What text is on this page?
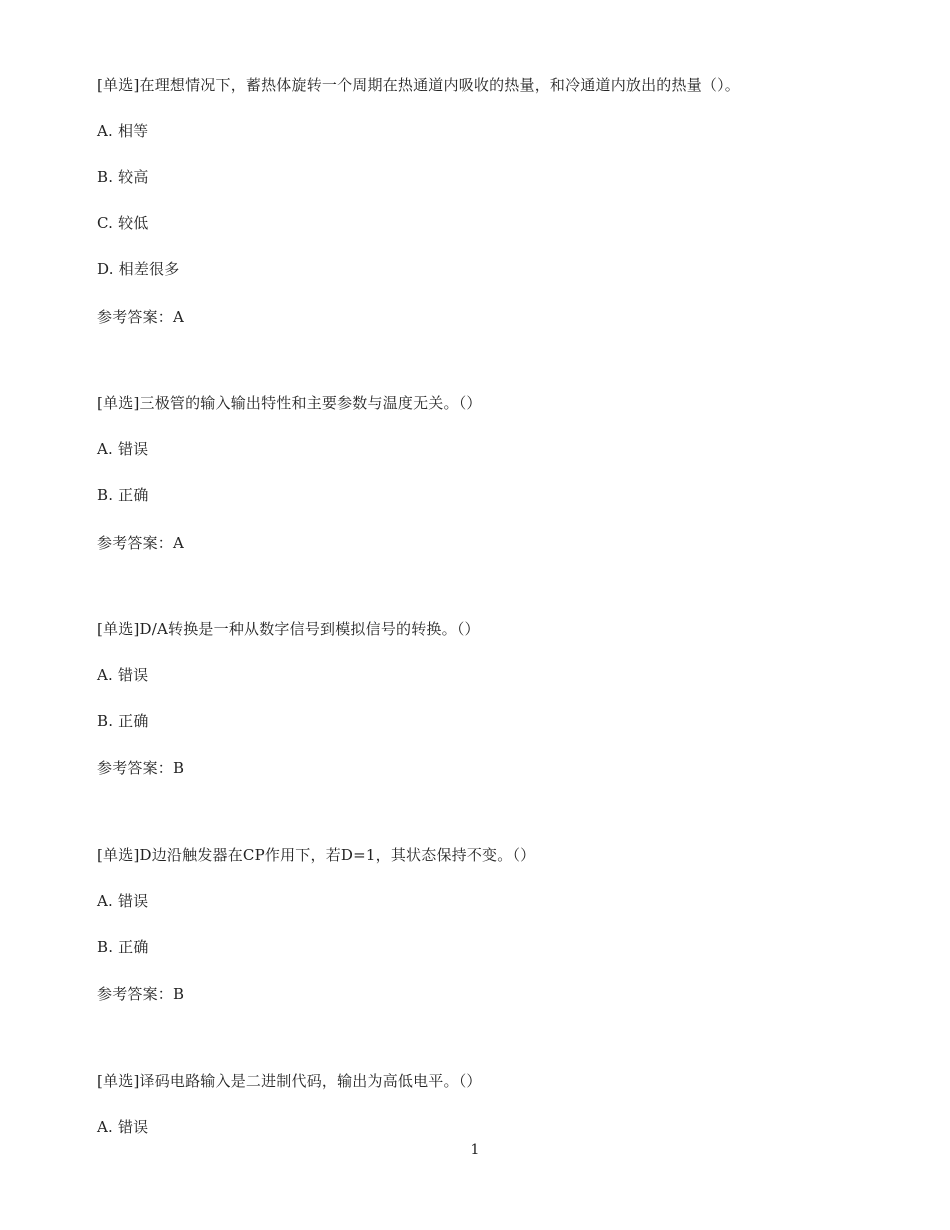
[单选]在理想情况下，蓄热体旋转一个周期在热通道内吸收的热量，和冷通道内放出的热量（）。
A. 相等
B. 较高
C. 较低
D. 相差很多
参考答案：A
[单选]三极管的输入输出特性和主要参数与温度无关。（）
A. 错误
B. 正确
参考答案：A
[单选]D/A转换是一种从数字信号到模拟信号的转换。（）
A. 错误
B. 正确
参考答案：B
[单选]D边沿触发器在CP作用下，若D=1，其状态保持不变。（）
A. 错误
B. 正确
参考答案：B
[单选]译码电路输入是二进制代码，输出为高低电平。（）
A. 错误
1
